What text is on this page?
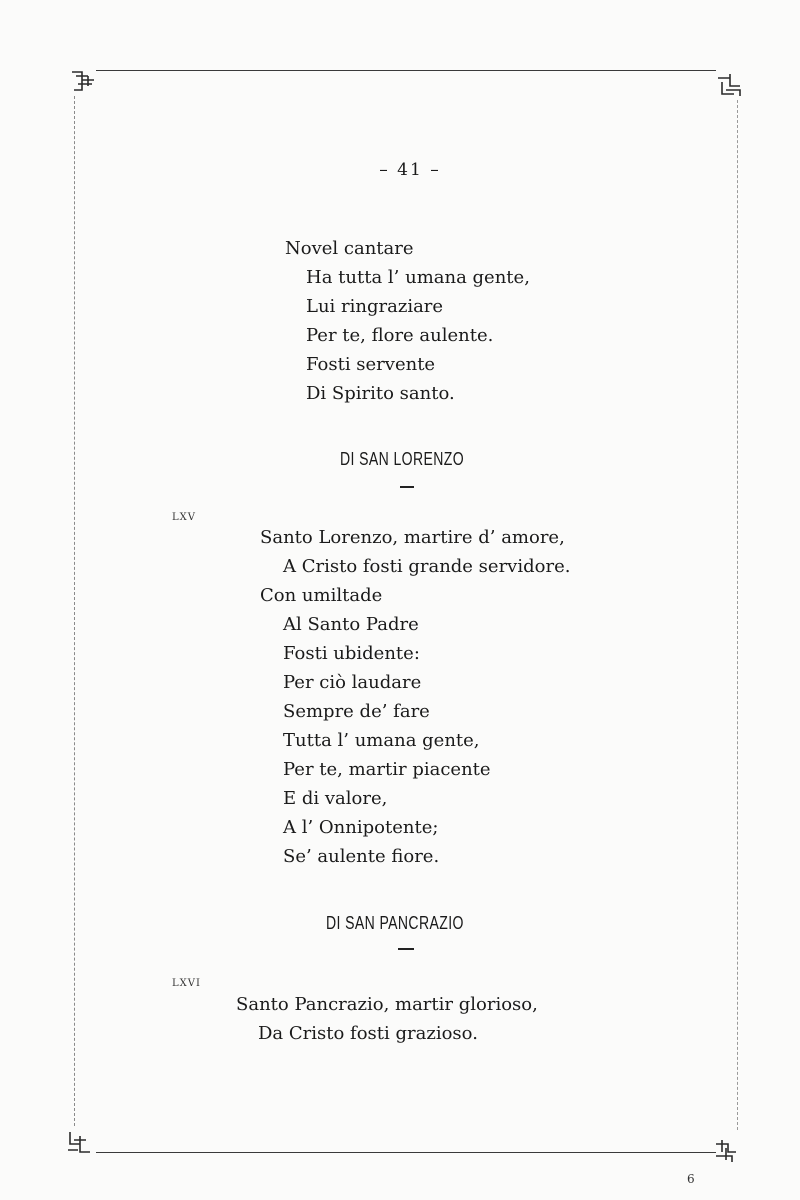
– 41 –
Novel cantare
Ha tutta l’ umana gente,
Lui ringraziare
Per te, flore aulente.
Fosti servente
Di Spirito santo.
DI SAN LORENZO
LXV
Santo Lorenzo, martire d’ amore,
A Cristo fosti grande servidore.
Con umiltade
Al Santo Padre
Fosti ubidente:
Per ciò laudare
Sempre de’ fare
Tutta l’ umana gente,
Per te, martir piacente
E di valore,
A l’ Onnipotente;
Se’ aulente fiore.
DI SAN PANCRAZIO
LXVI
Santo Pancrazio, martir glorioso,
Da Cristo fosti grazioso.
6
